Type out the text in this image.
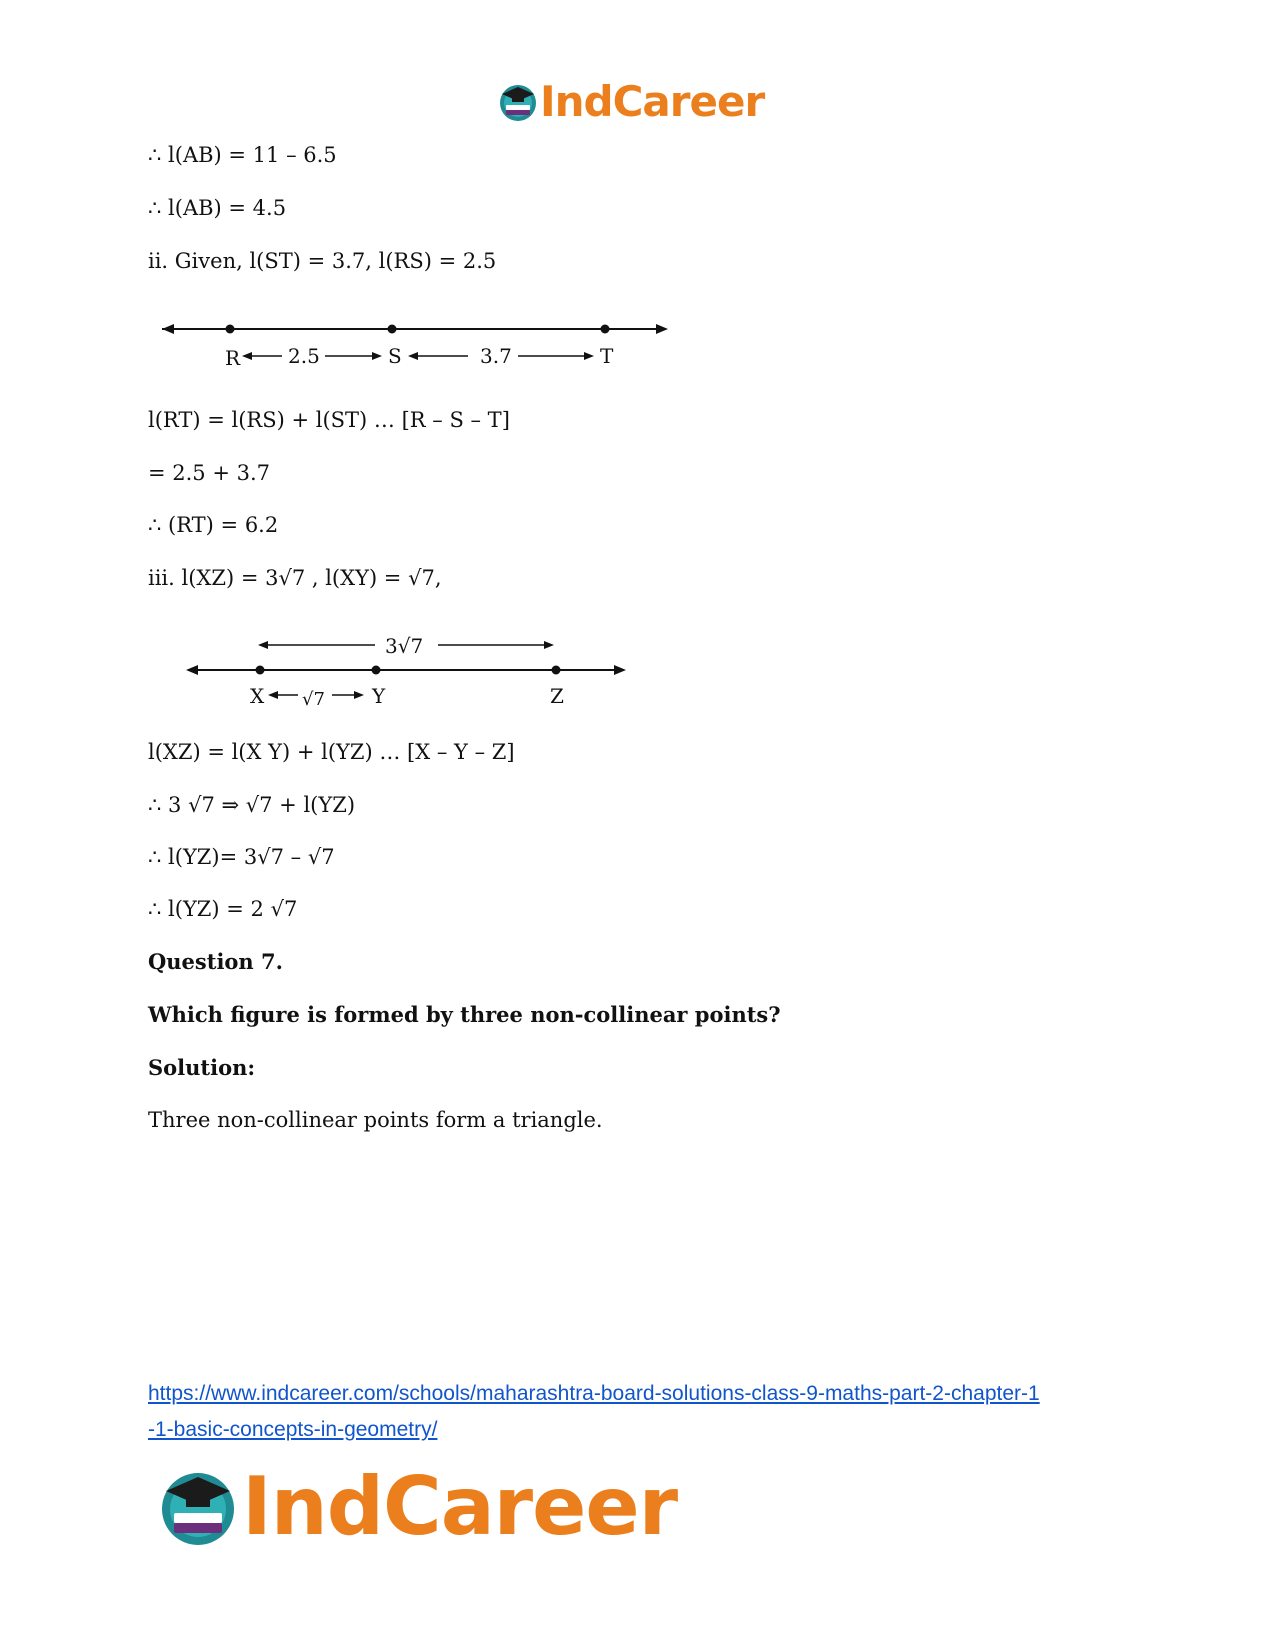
IndCareer
∴ l(AB) = 11 – 6.5
∴ l(AB) = 4.5
ii. Given, l(ST) = 3.7, l(RS) = 2.5
R	S	T
2.5	3.7
l(RT) = l(RS) + l(ST) … [R – S – T]
= 2.5 + 3.7
∴ (RT) = 6.2
iii. l(XZ) = 3√7 , l(XY) = √7,
3√7
X	Y	Z
√7
l(XZ) = l(X Y) + l(YZ) … [X – Y – Z]
∴ 3 √7 ⇒ √7 + l(YZ)
∴ l(YZ)= 3√7 – √7
∴ l(YZ) = 2 √7
Question 7.
Which figure is formed by three non-collinear points?
Solution:
Three non-collinear points form a triangle.
https://www.indcareer.com/schools/maharashtra-board-solutions-class-9-maths-part-2-chapter-1
-1-basic-concepts-in-geometry/
IndCareer
